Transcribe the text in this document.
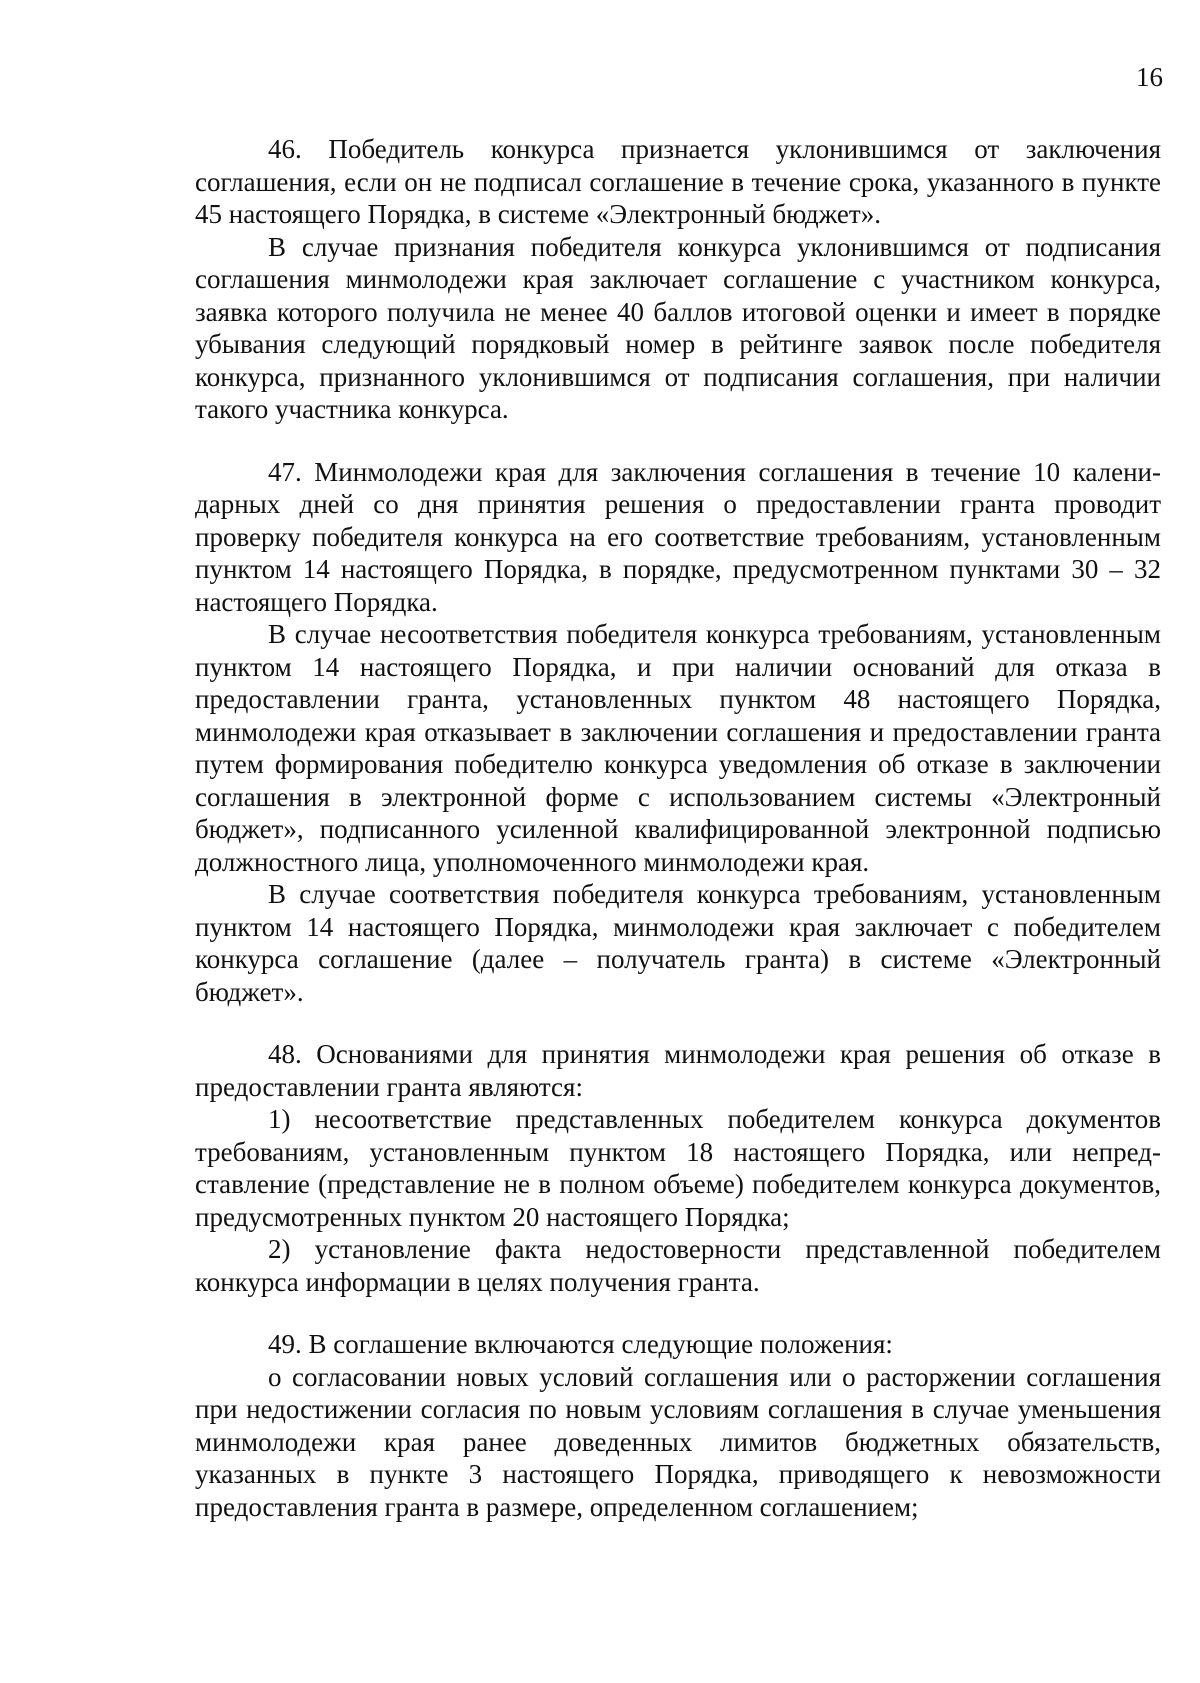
16

46. Победитель конкурса признается уклонившимся от заключения соглашения, если он не подписал соглашение в течение срока, указанного в пункте 45 настоящего Порядка, в системе «Электронный бюджет».

В случае признания победителя конкурса уклонившимся от подписания соглашения минмолодежи края заключает соглашение с участником конкурса, заявка которого получила не менее 40 баллов итоговой оценки и имеет в порядке убывания следующий порядковый номер в рейтинге заявок после победителя конкурса, признанного уклонившимся от подписания соглашения, при наличии такого участника конкурса.

47. Минмолодежи края для заключения соглашения в течение 10 каленидарных дней со дня принятия решения о предоставлении гранта проводит проверку победителя конкурса на его соответствие требованиям, установленным пунктом 14 настоящего Порядка, в порядке, предусмотренном пунктами 30 – 32 настоящего Порядка.

В случае несоответствия победителя конкурса требованиям, установленным пунктом 14 настоящего Порядка, и при наличии оснований для отказа в предоставлении гранта, установленных пунктом 48 настоящего Порядка, минмолодежи края отказывает в заключении соглашения и предоставлении гранта путем формирования победителю конкурса уведомления об отказе в заключении соглашения в электронной форме с использованием системы «Электронный бюджет», подписанного усиленной квалифицированной электронной подписью должностного лица, уполномоченного минмолодежи края.

В случае соответствия победителя конкурса требованиям, установленным пунктом 14 настоящего Порядка, минмолодежи края заключает с победителем конкурса соглашение (далее – получатель гранта) в системе «Электронный бюджет».

48. Основаниями для принятия минмолодежи края решения об отказе в предоставлении гранта являются:

1) несоответствие представленных победителем конкурса документов требованиям, установленным пунктом 18 настоящего Порядка, или непредставление (представление не в полном объеме) победителем конкурса документов, предусмотренных пунктом 20 настоящего Порядка;

2) установление факта недостоверности представленной победителем конкурса информации в целях получения гранта.

49. В соглашение включаются следующие положения:

о согласовании новых условий соглашения или о расторжении соглашения при недостижении согласия по новым условиям соглашения в случае уменьшения минмолодежи края ранее доведенных лимитов бюджетных обязательств, указанных в пункте 3 настоящего Порядка, приводящего к невозможности предоставления гранта в размере, определенном соглашением;
